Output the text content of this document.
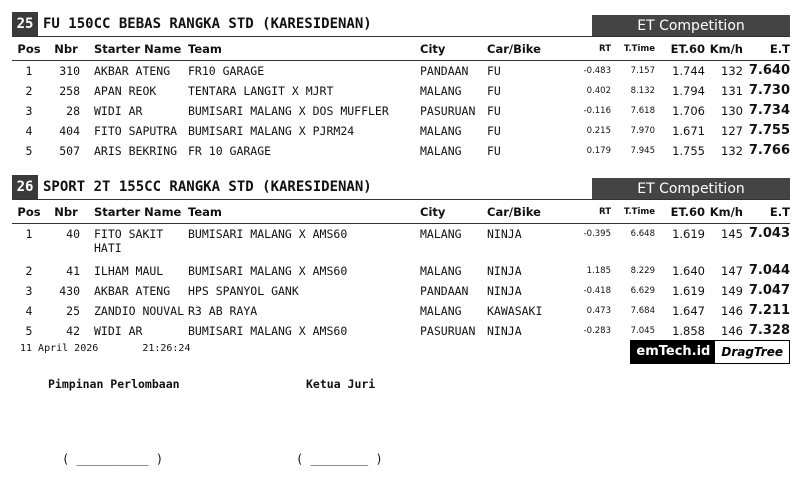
25 FU 150CC BEBAS RANGKA STD (KARESIDENAN)	ET Competition
Pos	Nbr	Starter Name	Team	City	Car/Bike	RT	T.Time	ET.60	Km/h	E.T
1	310	AKBAR ATENG	FR10 GARAGE	PANDAAN	FU	-0.483	7.157	1.744	132	7.640
2	258	APAN REOK	TENTARA LANGIT X MJRT	MALANG	FU	0.402	8.132	1.794	131	7.730
3	28	WIDI AR	BUMISARI MALANG X DOS MUFFLER	PASURUAN	FU	-0.116	7.618	1.706	130	7.734
4	404	FITO SAPUTRA	BUMISARI MALANG X PJRM24	MALANG	FU	0.215	7.970	1.671	127	7.755
5	507	ARIS BEKRING	FR 10 GARAGE	MALANG	FU	0.179	7.945	1.755	132	7.766
26 SPORT 2T 155CC RANGKA STD (KARESIDENAN)	ET Competition
Pos	Nbr	Starter Name	Team	City	Car/Bike	RT	T.Time	ET.60	Km/h	E.T
1	40	FITO SAKIT HATI	BUMISARI MALANG X AMS60	MALANG	NINJA	-0.395	6.648	1.619	145	7.043
2	41	ILHAM MAUL	BUMISARI MALANG X AMS60	MALANG	NINJA	1.185	8.229	1.640	147	7.044
3	430	AKBAR ATENG	HPS SPANYOL GANK	PANDAAN	NINJA	-0.418	6.629	1.619	149	7.047
4	25	ZANDIO NOUVAL	R3 AB RAYA	MALANG	KAWASAKI	0.473	7.684	1.647	146	7.211
5	42	WIDI AR	BUMISARI MALANG X AMS60	PASURUAN	NINJA	-0.283	7.045	1.858	146	7.328
11 April 2026	21:26:24	emTech.id DragTree
Pimpinan Perlombaan	Ketua Juri
( __________ )	( ________ )
